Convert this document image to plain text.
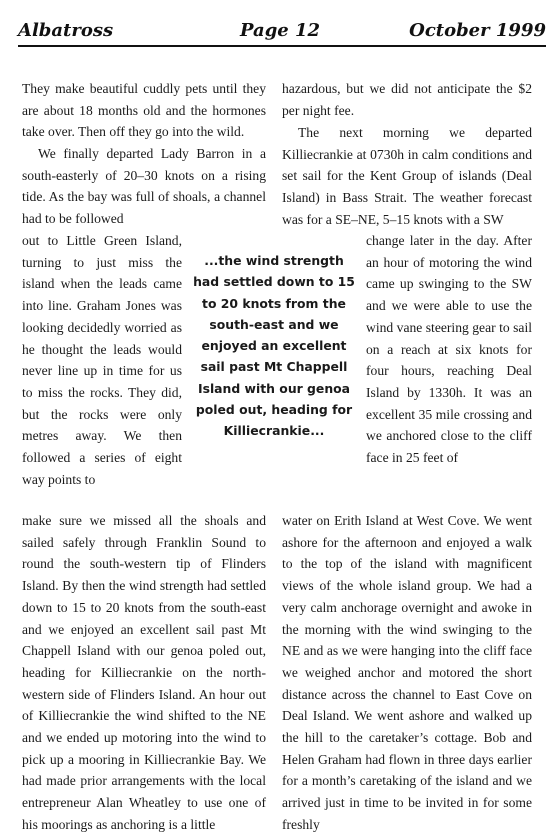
Albatross	Page 12	October 1999

They make beautiful cuddly pets until they are about 18 months old and the hormones take over. Then off they go into the wild.

We finally departed Lady Barron in a south-easterly of 20–30 knots on a rising tide. As the bay was full of shoals, a channel had to be followed

out to Little Green Island, turning to just miss the island when the leads came into line. Graham Jones was looking decidedly worried as he thought the leads would never line up in time for us to miss the rocks. They did, but the rocks were only metres away. We then followed a series of eight way points to

make sure we missed all the shoals and sailed safely through Franklin Sound to round the south-western tip of Flinders Island. By then the wind strength had settled down to 15 to 20 knots from the south-east and we enjoyed an excellent sail past Mt Chappell Island with our genoa poled out, heading for Killiecrankie on the north-western side of Flinders Island. An hour out of Killiecrankie the wind shifted to the NE and we ended up motoring into the wind to pick up a mooring in Killiecrankie Bay. We had made prior arrangements with the local entrepreneur Alan Wheatley to use one of his moorings as anchoring is a little

...the wind strength had settled down to 15 to 20 knots from the south-east and we enjoyed an excellent sail past Mt Chappell Island with our genoa poled out, heading for Killiecrankie...

hazardous, but we did not anticipate the $2 per night fee.

The next morning we departed Killiecrankie at 0730h in calm conditions and set sail for the Kent Group of islands (Deal Island) in Bass Strait. The weather forecast was for a SE–NE, 5–15 knots with a SW

change later in the day. After an hour of motoring the wind came up swinging to the SW and we were able to use the wind vane steering gear to sail on a reach at six knots for four hours, reaching Deal Island by 1330h. It was an excellent 35 mile crossing and we anchored close to the cliff face in 25 feet of

water on Erith Island at West Cove. We went ashore for the afternoon and enjoyed a walk to the top of the island with magnificent views of the whole island group. We had a very calm anchorage overnight and awoke in the morning with the wind swinging to the NE and as we were hanging into the cliff face we weighed anchor and motored the short distance across the channel to East Cove on Deal Island. We went ashore and walked up the hill to the caretaker’s cottage. Bob and Helen Graham had flown in three days earlier for a month’s caretaking of the island and we arrived just in time to be invited in for some freshly
